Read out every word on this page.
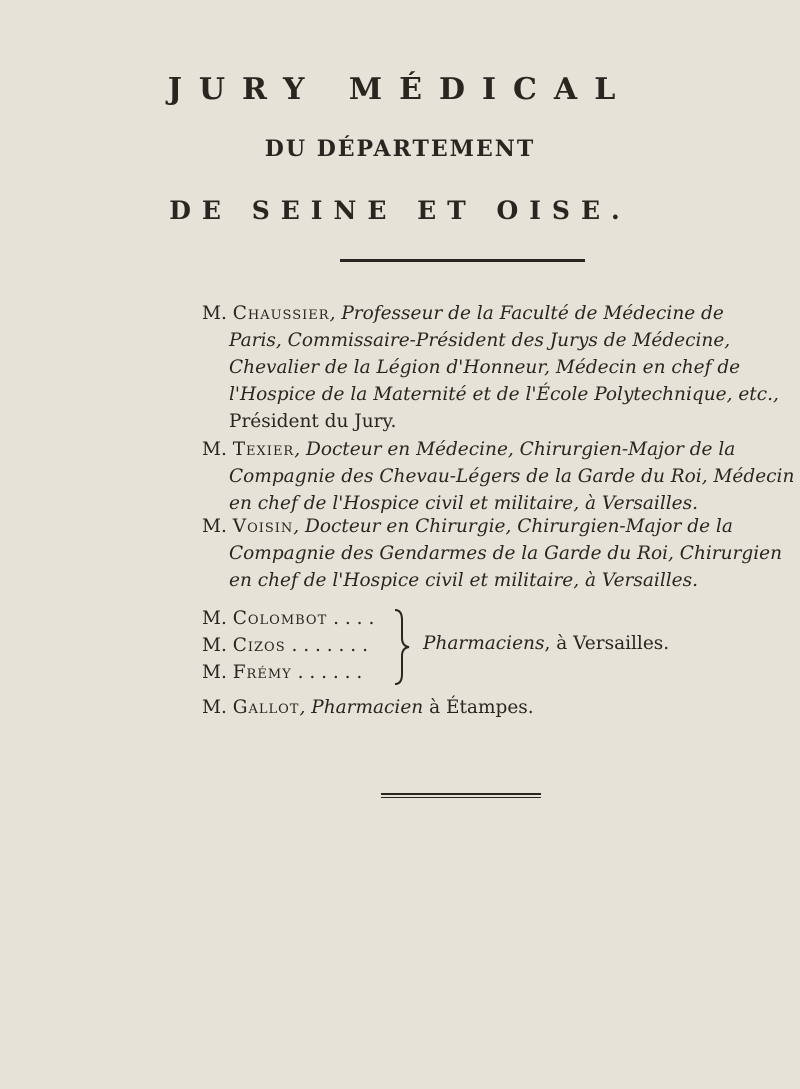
JURY MÉDICAL
DU DÉPARTEMENT
DE SEINE ET OISE.
M. Chaussier, Professeur de la Faculté de Médecine de
Paris, Commissaire-Président des Jurys de Médecine,
Chevalier de la Légion d'Honneur, Médecin en chef de
l'Hospice de la Maternité et de l'École Polytechnique, etc.,
Président du Jury.
M. Texier, Docteur en Médecine, Chirurgien-Major de la
Compagnie des Chevau-Légers de la Garde du Roi, Médecin
en chef de l'Hospice civil et militaire, à Versailles.
M. Voisin, Docteur en Chirurgie, Chirurgien-Major de la
Compagnie des Gendarmes de la Garde du Roi, Chirurgien
en chef de l'Hospice civil et militaire, à Versailles.
M. Colombot . . . .
M. Cizos . . . . . . .
M. Frémy . . . . . .
Pharmaciens, à Versailles.
M. Gallot, Pharmacien à Étampes.
